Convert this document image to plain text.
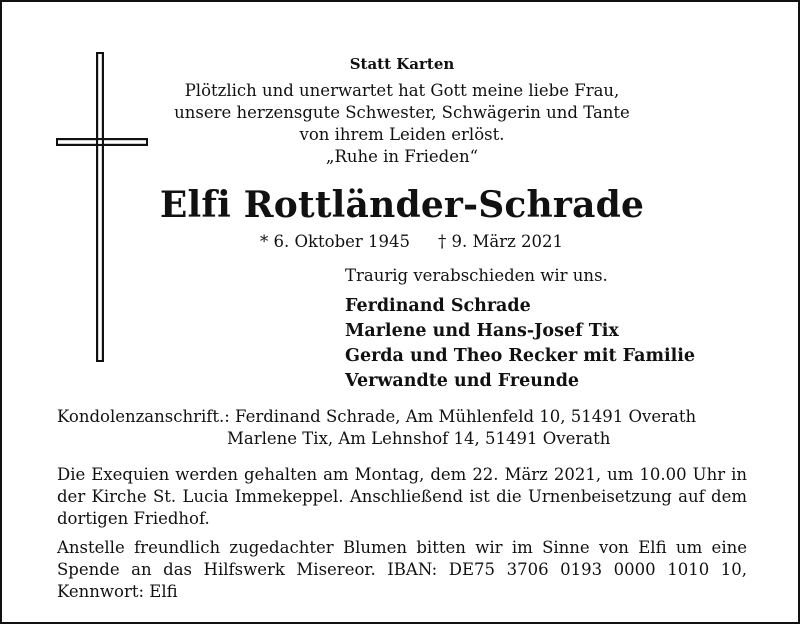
Statt Karten
Plötzlich und unerwartet hat Gott meine liebe Frau,
unsere herzensgute Schwester, Schwägerin und Tante
von ihrem Leiden erlöst.
„Ruhe in Frieden“
Elfi Rottländer-Schrade
* 6. Oktober 1945 † 9. März 2021
Traurig verabschieden wir uns.
Ferdinand Schrade
Marlene und Hans-Josef Tix
Gerda und Theo Recker mit Familie
Verwandte und Freunde
Kondolenzanschrift.: Ferdinand Schrade, Am Mühlenfeld 10, 51491 Overath
Marlene Tix, Am Lehnshof 14, 51491 Overath
Die Exequien werden gehalten am Montag, dem 22. März 2021, um 10.00 Uhr in der Kirche St. Lucia Immekeppel. Anschließend ist die Urnenbeisetzung auf dem dortigen Friedhof.
Anstelle freundlich zugedachter Blumen bitten wir im Sinne von Elfi um eine Spende an das Hilfswerk Misereor. IBAN: DE75 3706 0193 0000 1010 10, Kennwort: Elfi
